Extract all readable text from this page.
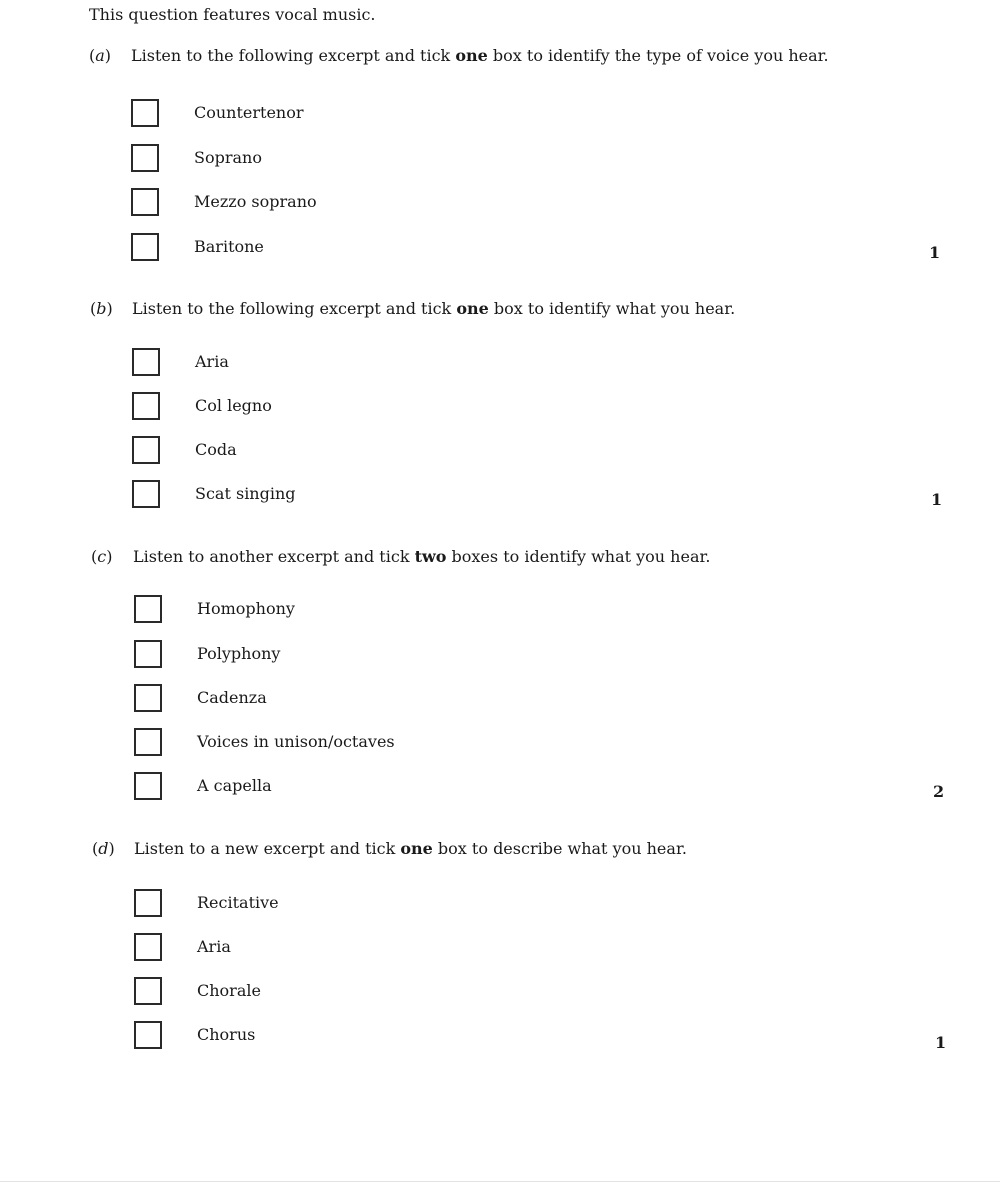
This question features vocal music.
(a) Listen to the following excerpt and tick one box to identify the type of voice you hear.
Countertenor
Soprano
Mezzo soprano
Baritone	1
(b) Listen to the following excerpt and tick one box to identify what you hear.
Aria
Col legno
Coda
Scat singing	1
(c) Listen to another excerpt and tick two boxes to identify what you hear.
Homophony
Polyphony
Cadenza
Voices in unison/octaves
A capella	2
(d) Listen to a new excerpt and tick one box to describe what you hear.
Recitative
Aria
Chorale
Chorus	1
